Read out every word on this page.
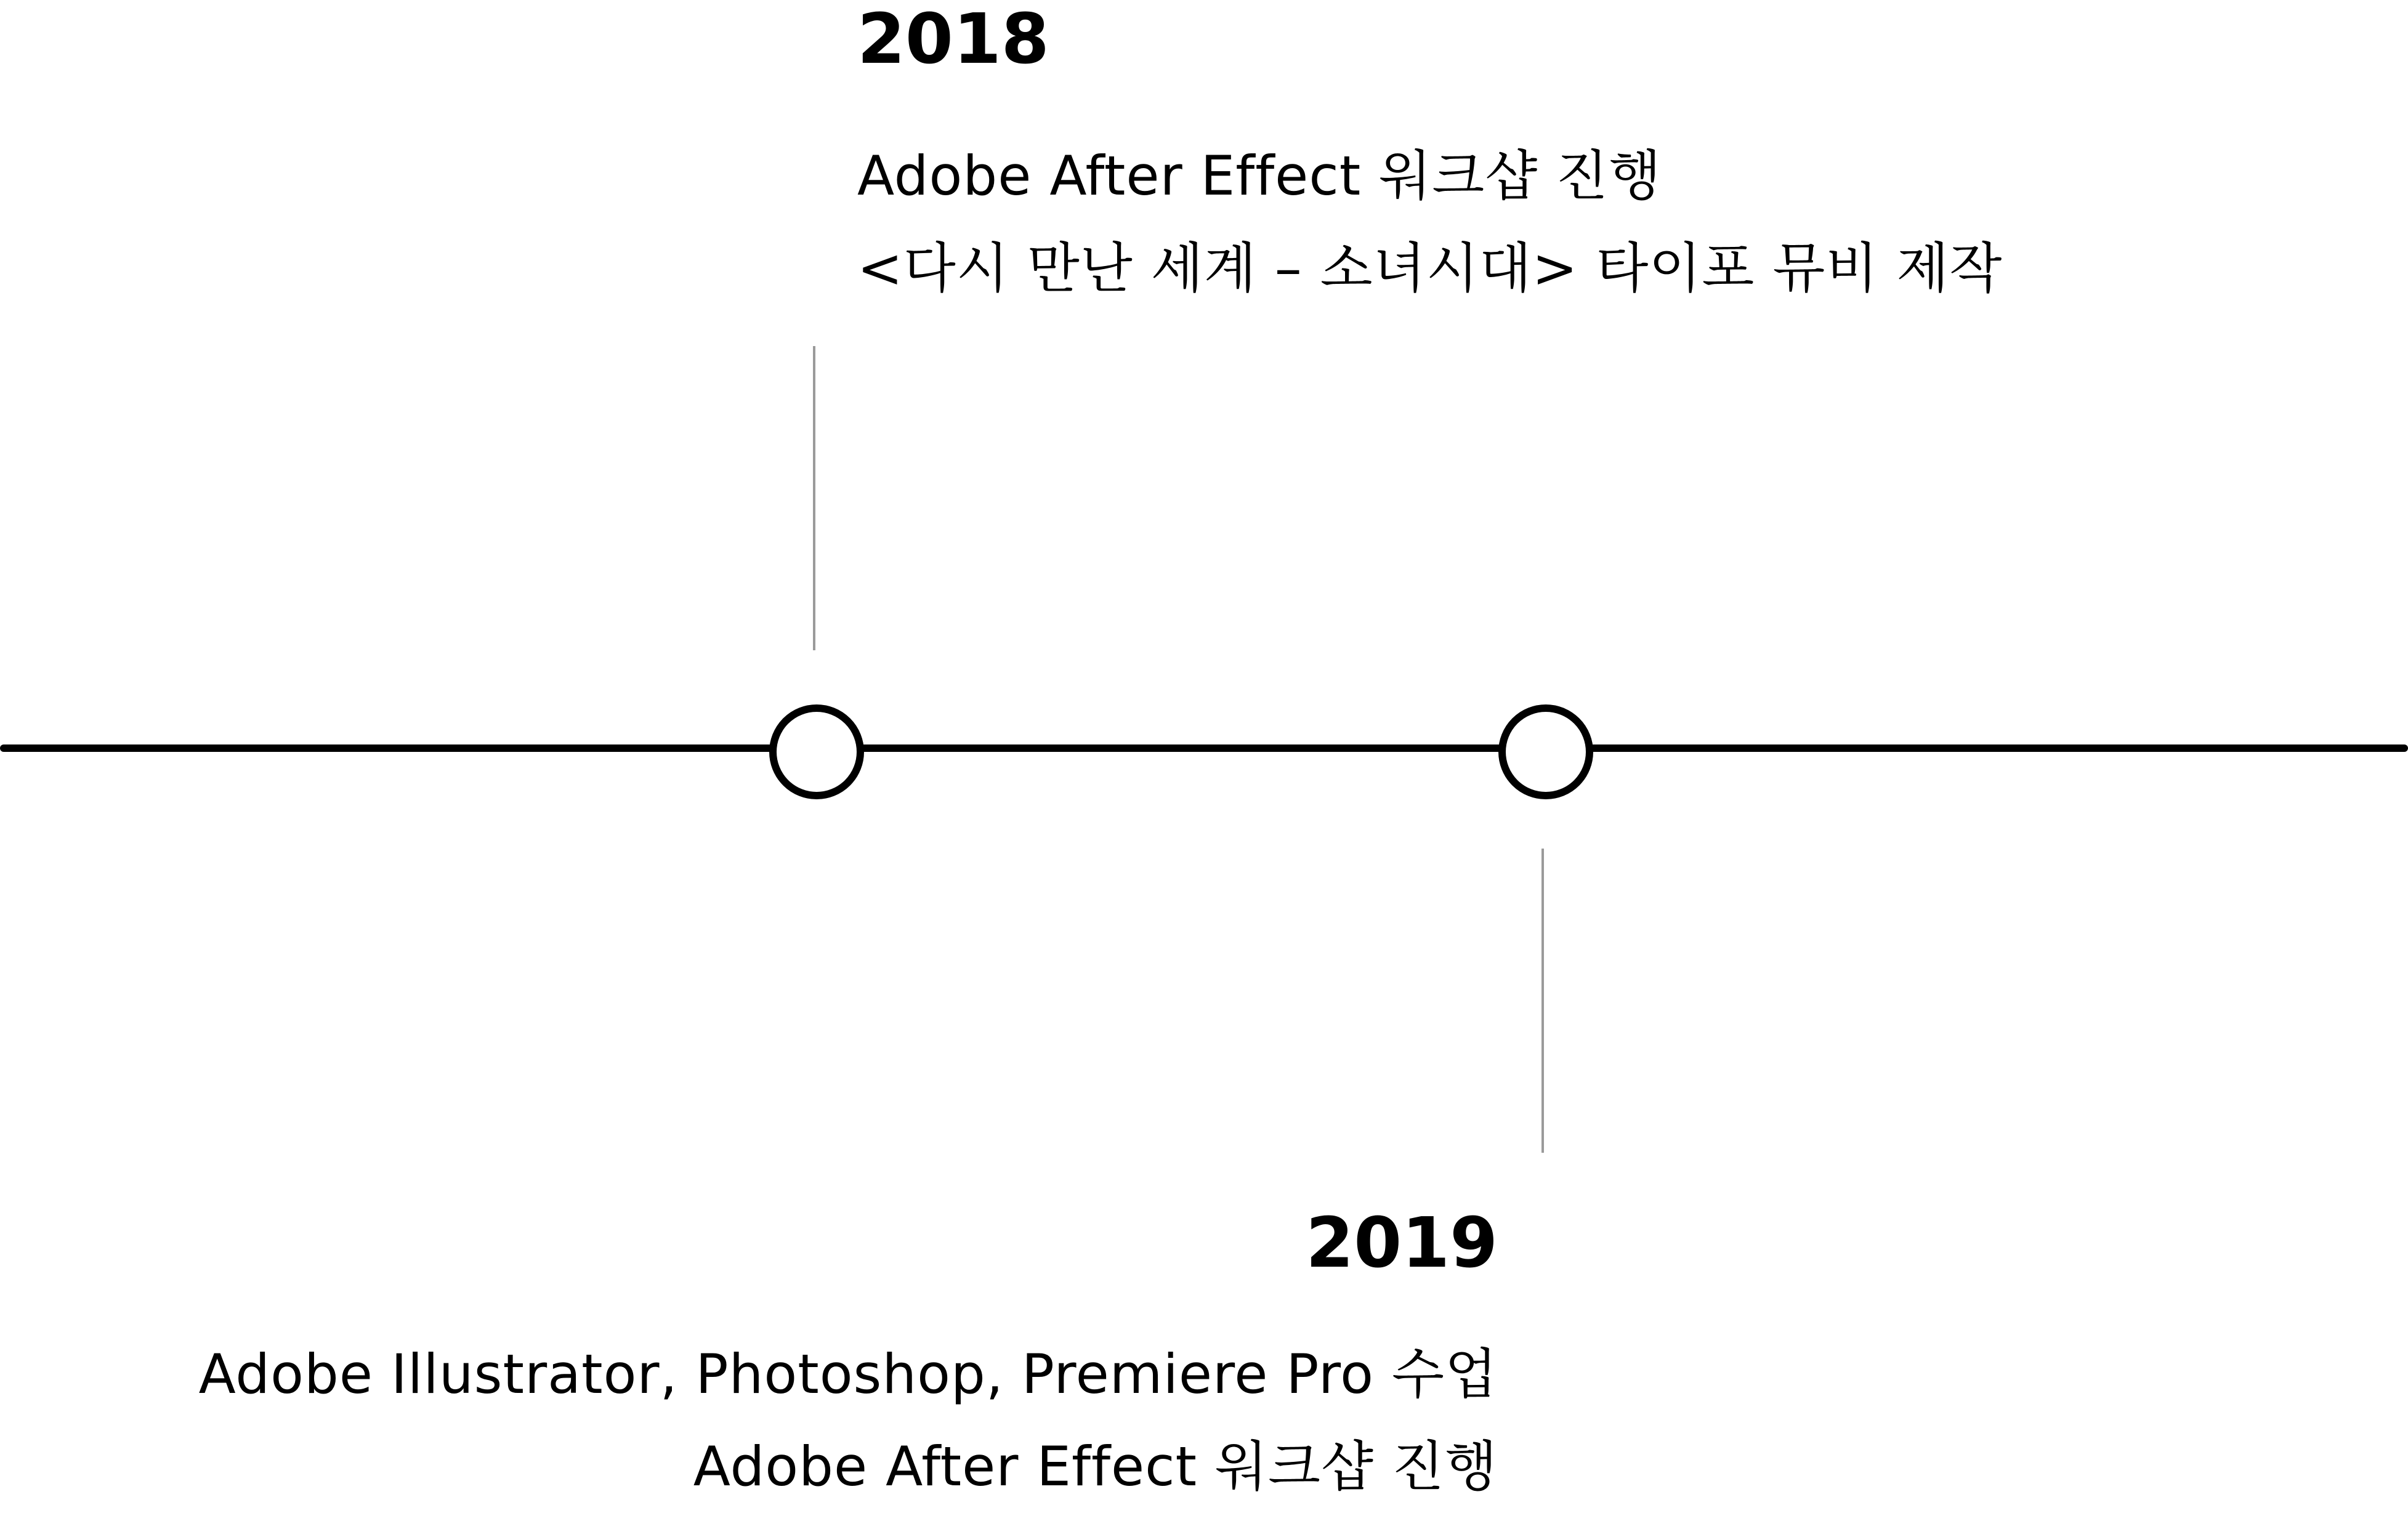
2018
Adobe After Effect 워크샵 진행
<다시 만난 세계 – 소녀시대> 타이포 뮤비 제작
2019
Adobe Illustrator, Photoshop, Premiere Pro 수업
Adobe After Effect 워크샵 진행
